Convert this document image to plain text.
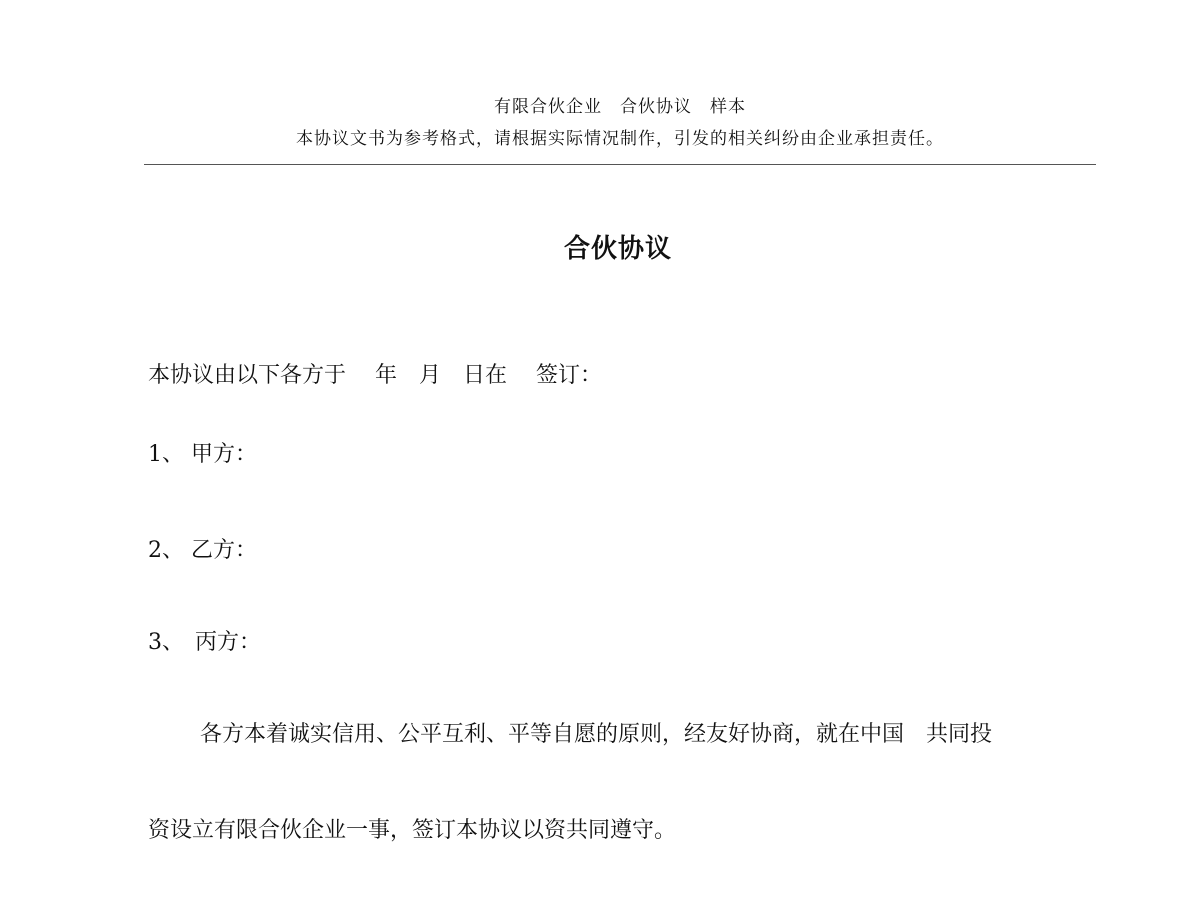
有限合伙企业　合伙协议　样本
本协议文书为参考格式，请根据实际情况制作，引发的相关纠纷由企业承担责任。
合伙协议
本协议由以下各方于　 年　月　日在　 签订：
1、 甲方：
2、 乙方：
3、　丙方：
各方本着诚实信用、公平互利、平等自愿的原则，经友好协商，就在中国　共同投
资设立有限合伙企业一事，签订本协议以资共同遵守。
